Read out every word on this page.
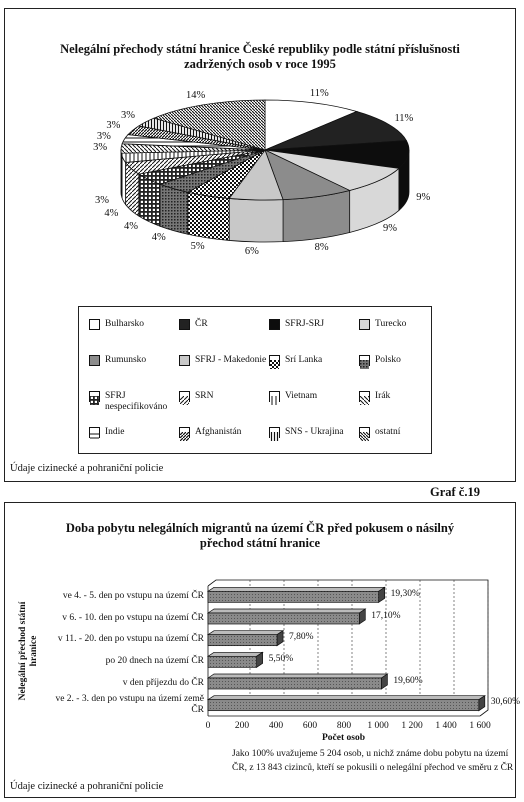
Nelegální přechody státní hranice České republiky podle státní příslušnosti zadržených osob v roce 1995
Doba pobytu nelegálních migrantů na území ČR před pokusem o násilný přechod státní hranice
Bulharsko	ČR	SFRJ-SRJ	Turecko
Rumunsko	SFRJ - Makedonie Srí Lanka	Polsko
SFRJ nespecifikováno
SRN	Vietnam	Irák
Indie	Afghanistán	SNS - Ukrajina	ostatní
11%
11%
9%
9%
8%
6%
5%
4%
4%
4%
3%
3%
3%
3%
3%
14%
ve 2. - 3. den po vstupu na území země ČR
30,60%
v den příjezdu do ČR	19,60%
po 20 dnech na území ČR	5,50%
v 11. - 20. den po vstupu na území ČR	7,80%
v 6. - 10. den po vstupu na území ČR	17,10%
ve 4. - 5. den po vstupu na území ČR	19,30%
0	200	400	600	800	1 000	1 200	1 400	1 600
Počet osob
Nelegální přechod státní hranice
Údaje cizinecké a pohraniční policie
Graf č.19
Údaje cizinecké a pohraniční policie
Jako 100% uvažujeme 5 204 osob, u nichž známe dobu pobytu na území ČR, z 13 843 cizinců, kteří se pokusili o nelegální přechod ve směru z ČR
